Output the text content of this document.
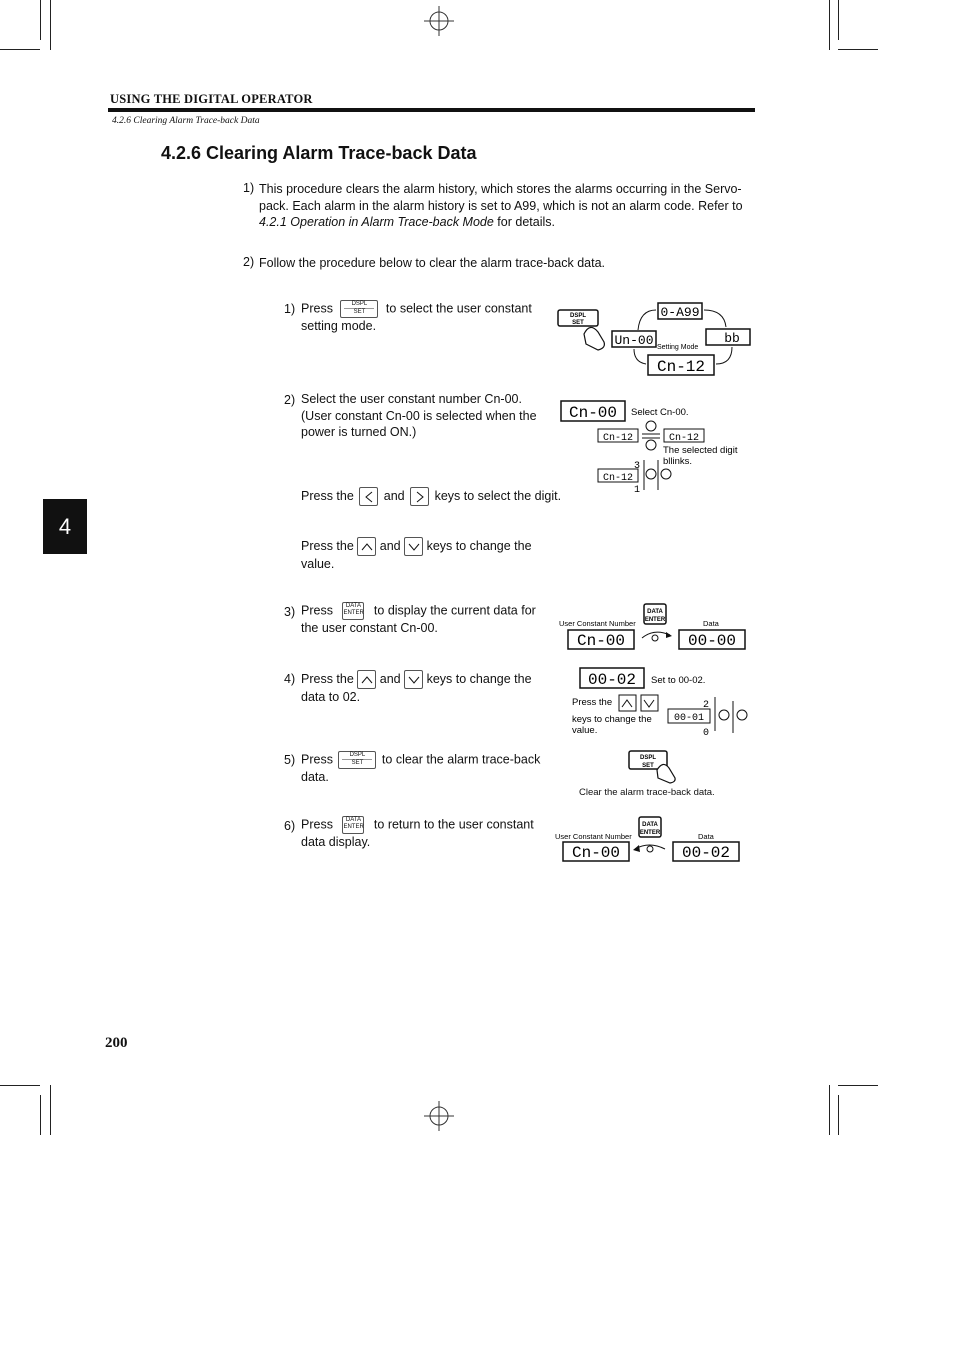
USING THE DIGITAL OPERATOR
4.2.6 Clearing Alarm Trace-back Data
4.2.6 Clearing Alarm Trace-back Data
1) This procedure clears the alarm history, which stores the alarms occurring in the Servo-
pack. Each alarm in the alarm history is set to A99, which is not an alarm code. Refer to
4.2.1 Operation in Alarm Trace-back Mode for details.
2) Follow the procedure below to clear the alarm trace-back data.
1) Press	DSPL
SET	to select the user constant
setting mode.
DSPL
SET
0-A99
Un-00	bb
Cn-12
Setting Mode
2) Select the user constant number Cn-00.
(User constant Cn-00 is selected when the
power is turned ON.)
Cn-00 Select Cn-00.
Cn-12	Cn-12
The selected digit
bllinks.
Cn-12
3
1
Press the and keys to select the digit.
Press the and keys to change the
value.
3) Press	DATA
ENTER to display the current data for
the user constant Cn-00.	User Constant Number	Data
DATA
ENTER
Cn-00	00-00
4) Press the and keys to change the
data to 02.
00-02 Set to 00-02.
Press the
keys to change the
value.
00-01
2
0
5) Press	DSPL
SET	to clear the alarm trace-back
data.
DSPL
SET
Clear the alarm trace-back data.
6) Press	DATA
ENTER to return to the user constant
data display.	User Constant Number	Data
DATA
ENTER
Cn-00	00-02
4
200
